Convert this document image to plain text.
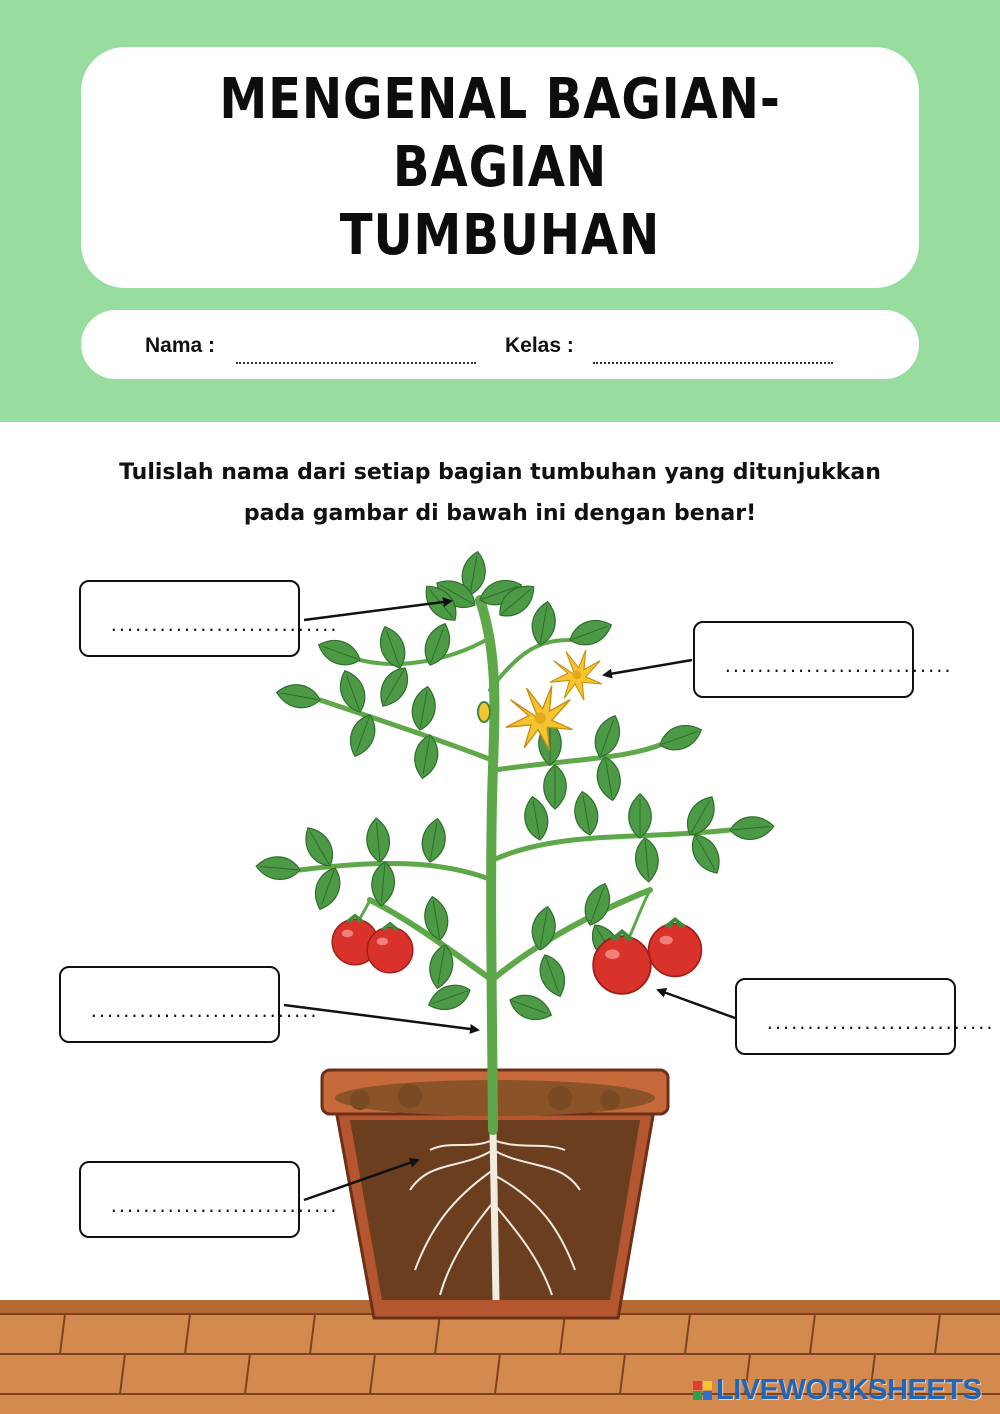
MENGENAL BAGIAN-BAGIAN
TUMBUHAN
Nama :	Kelas :
Tulislah nama dari setiap bagian tumbuhan yang ditunjukkan
pada gambar di bawah ini dengan benar!
............................
............................
............................
............................
............................
LIVEWORKSHEETS
